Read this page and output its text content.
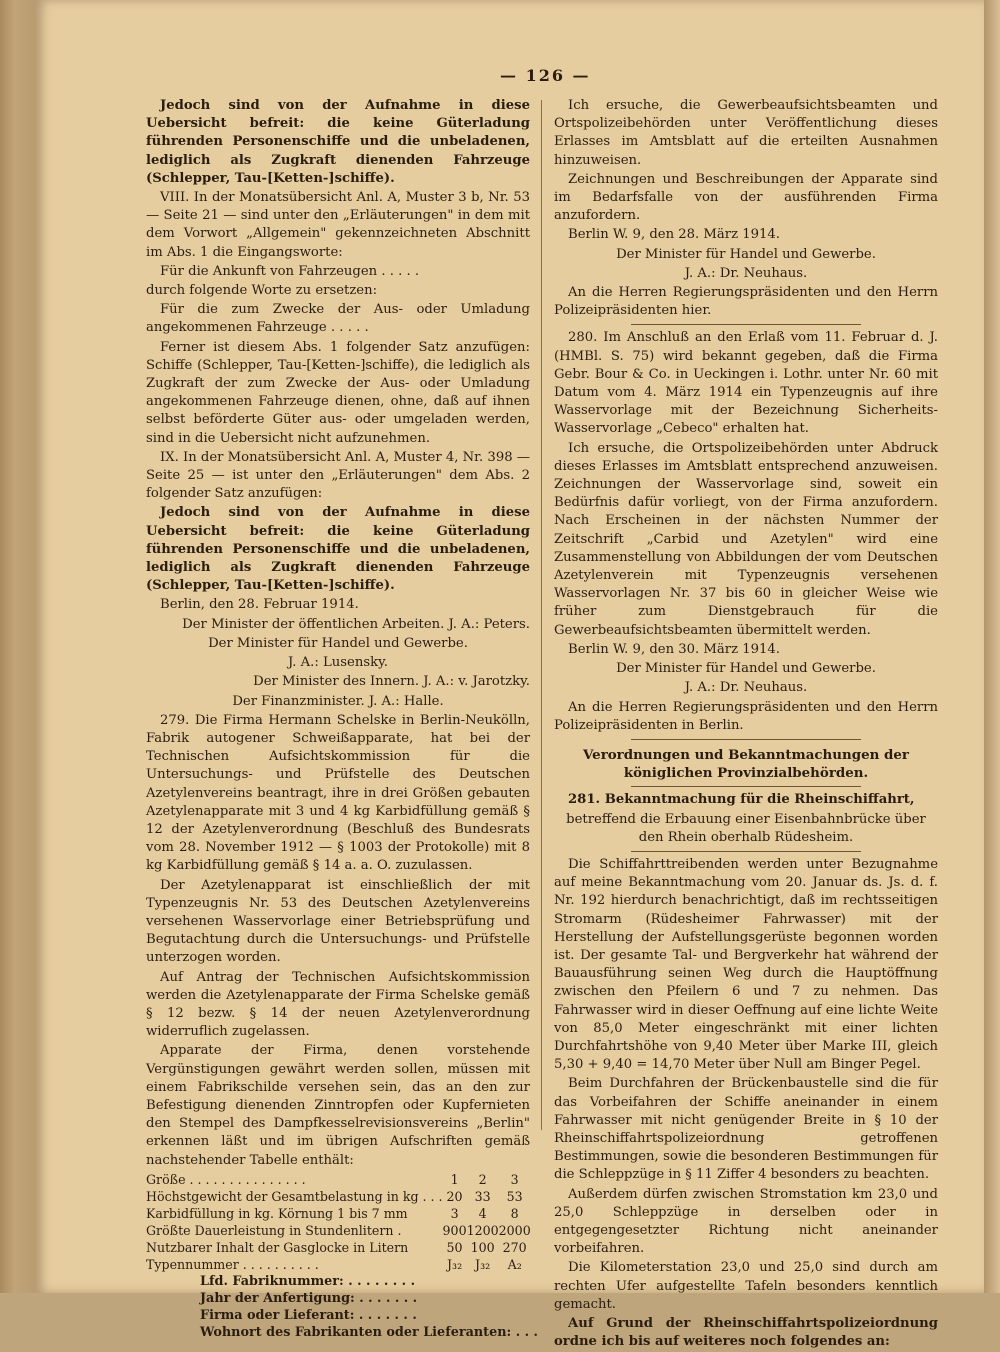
— 126 —

Jedoch sind von der Aufnahme in diese Uebersicht befreit: die keine Güterladung führenden Personenschiffe und die unbeladenen, lediglich als Zugkraft dienenden Fahrzeuge (Schlepper, Tau-[Ketten-]schiffe).

VIII. In der Monatsübersicht Anl. A, Muster 3 b, Nr. 53 — Seite 21 — sind unter den „Erläuterungen" in dem mit dem Vorwort „Allgemein" gekennzeichneten Abschnitt im Abs. 1 die Eingangsworte:

Für die Ankunft von Fahrzeugen . . . . .

durch folgende Worte zu ersetzen:

Für die zum Zwecke der Aus- oder Umladung angekommenen Fahrzeuge . . . . .

Ferner ist diesem Abs. 1 folgender Satz anzufügen: Schiffe (Schlepper, Tau-[Ketten-]schiffe), die lediglich als Zugkraft der zum Zwecke der Aus- oder Umladung angekommenen Fahrzeuge dienen, ohne, daß auf ihnen selbst beförderte Güter aus- oder umgeladen werden, sind in die Uebersicht nicht aufzunehmen.

IX. In der Monatsübersicht Anl. A, Muster 4, Nr. 398 — Seite 25 — ist unter den „Erläuterungen" dem Abs. 2 folgender Satz anzufügen:

Jedoch sind von der Aufnahme in diese Uebersicht befreit: die keine Güterladung führenden Personenschiffe und die unbeladenen, lediglich als Zugkraft dienenden Fahrzeuge (Schlepper, Tau-[Ketten-]schiffe).

Berlin, den 28. Februar 1914.

Der Minister der öffentlichen Arbeiten. J. A.: Peters.

Der Minister für Handel und Gewerbe.

J. A.: Lusensky.

Der Minister des Innern. J. A.: v. Jarotzky.

Der Finanzminister. J. A.: Halle.

279. Die Firma Hermann Schelske in Berlin-Neukölln, Fabrik autogener Schweißapparate, hat bei der Technischen Aufsichtskommission für die Untersuchungs- und Prüfstelle des Deutschen Azetylenvereins beantragt, ihre in drei Größen gebauten Azetylenapparate mit 3 und 4 kg Karbidfüllung gemäß § 12 der Azetylenverordnung (Beschluß des Bundesrats vom 28. November 1912 — § 1003 der Protokolle) mit 8 kg Karbidfüllung gemäß § 14 a. a. O. zuzulassen.

Der Azetylenapparat ist einschließlich der mit Typenzeugnis Nr. 53 des Deutschen Azetylenvereins versehenen Wasservorlage einer Betriebsprüfung und Begutachtung durch die Untersuchungs- und Prüfstelle unterzogen worden.

Auf Antrag der Technischen Aufsichtskommission werden die Azetylenapparate der Firma Schelske gemäß § 12 bezw. § 14 der neuen Azetylenverordnung widerruflich zugelassen.

Apparate der Firma, denen vorstehende Vergünstigungen gewährt werden sollen, müssen mit einem Fabrikschilde versehen sein, das an den zur Befestigung dienenden Zinntropfen oder Kupfernieten den Stempel des Dampfkesselrevisionsvereins „Berlin" erkennen läßt und im übrigen Aufschriften gemäß nachstehender Tabelle enthält:

Größe . . . . . . . . . . . . . . .	1	2	3
Höchstgewicht der Gesamtbelastung in kg . . .	20	33	53
Karbidfüllung in kg. Körnung 1 bis 7 mm	3	4	8
Größte Dauerleistung in Stundenlitern .	900	1200	2000
Nutzbarer Inhalt der Gasglocke in Litern	50	100	270
Typennummer . . . . . . . . . .	J₃₂	J₃₂	A₂
Lfd. Fabriknummer: . . . . . . . .
Jahr der Anfertigung: . . . . . . .
Firma oder Lieferant: . . . . . . .
Wohnort des Fabrikanten oder Lieferanten: . . .

Ich ersuche, die Gewerbeaufsichtsbeamten und Ortspolizeibehörden unter Veröffentlichung dieses Erlasses im Amtsblatt auf die erteilten Ausnahmen hinzuweisen.

Zeichnungen und Beschreibungen der Apparate sind im Bedarfsfalle von der ausführenden Firma anzufordern.

Berlin W. 9, den 28. März 1914.

Der Minister für Handel und Gewerbe.

J. A.: Dr. Neuhaus.

An die Herren Regierungspräsidenten und den Herrn Polizeipräsidenten hier.

280. Im Anschluß an den Erlaß vom 11. Februar d. J. (HMBl. S. 75) wird bekannt gegeben, daß die Firma Gebr. Bour & Co. in Ueckingen i. Lothr. unter Nr. 60 mit Datum vom 4. März 1914 ein Typenzeugnis auf ihre Wasservorlage mit der Bezeichnung Sicherheits-Wasservorlage „Cebeco" erhalten hat.

Ich ersuche, die Ortspolizeibehörden unter Abdruck dieses Erlasses im Amtsblatt entsprechend anzuweisen. Zeichnungen der Wasservorlage sind, soweit ein Bedürfnis dafür vorliegt, von der Firma anzufordern. Nach Erscheinen in der nächsten Nummer der Zeitschrift „Carbid und Azetylen" wird eine Zusammenstellung von Abbildungen der vom Deutschen Azetylenverein mit Typenzeugnis versehenen Wasservorlagen Nr. 37 bis 60 in gleicher Weise wie früher zum Dienstgebrauch für die Gewerbeaufsichtsbeamten übermittelt werden.

Berlin W. 9, den 30. März 1914.

Der Minister für Handel und Gewerbe.

J. A.: Dr. Neuhaus.

An die Herren Regierungspräsidenten und den Herrn Polizeipräsidenten in Berlin.

Verordnungen und Bekanntmachungen der königlichen Provinzialbehörden.

281. Bekanntmachung für die Rheinschiffahrt,

betreffend die Erbauung einer Eisenbahnbrücke über den Rhein oberhalb Rüdesheim.

Die Schiffahrttreibenden werden unter Bezugnahme auf meine Bekanntmachung vom 20. Januar ds. Js. d. f. Nr. 192 hierdurch benachrichtigt, daß im rechtsseitigen Stromarm (Rüdesheimer Fahrwasser) mit der Herstellung der Aufstellungsgerüste begonnen worden ist. Der gesamte Tal- und Bergverkehr hat während der Bauausführung seinen Weg durch die Hauptöffnung zwischen den Pfeilern 6 und 7 zu nehmen. Das Fahrwasser wird in dieser Oeffnung auf eine lichte Weite von 85,0 Meter eingeschränkt mit einer lichten Durchfahrtshöhe von 9,40 Meter über Marke III, gleich 5,30 + 9,40 = 14,70 Meter über Null am Binger Pegel.

Beim Durchfahren der Brückenbaustelle sind die für das Vorbeifahren der Schiffe aneinander in einem Fahrwasser mit nicht genügender Breite in § 10 der Rheinschiffahrtspolizeiordnung getroffenen Bestimmungen, sowie die besonderen Bestimmungen für die Schleppzüge in § 11 Ziffer 4 besonders zu beachten.

Außerdem dürfen zwischen Stromstation km 23,0 und 25,0 Schleppzüge in derselben oder in entgegengesetzter Richtung nicht aneinander vorbeifahren.

Die Kilometerstation 23,0 und 25,0 sind durch am rechten Ufer aufgestellte Tafeln besonders kenntlich gemacht.

Auf Grund der Rheinschiffahrtspolizeiordnung ordne ich bis auf weiteres noch folgendes an:
